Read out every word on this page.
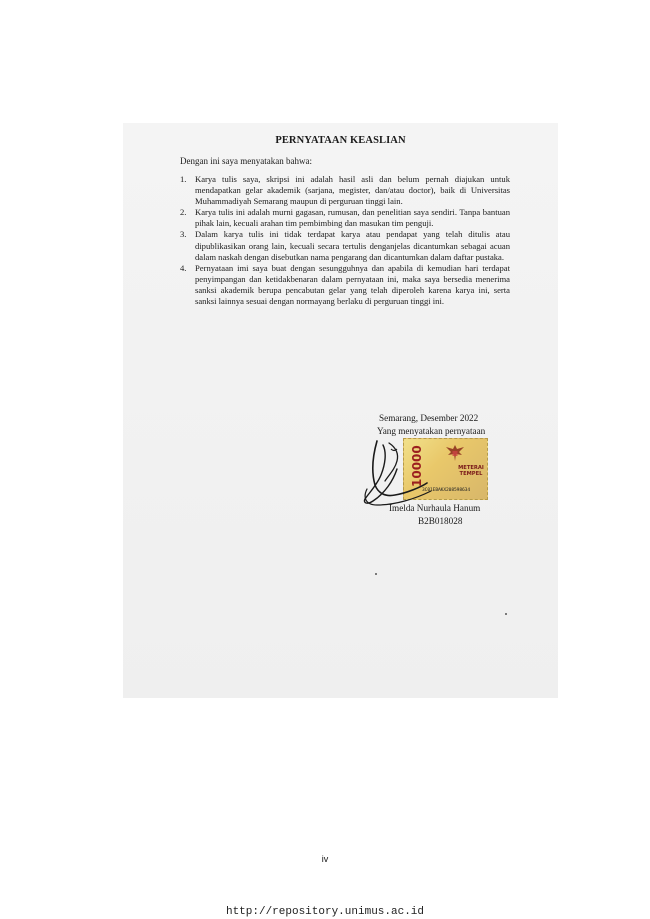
PERNYATAAN KEASLIAN
Dengan ini saya menyatakan bahwa:
1. Karya tulis saya, skripsi ini adalah hasil asli dan belum pernah diajukan untuk mendapatkan gelar akademik (sarjana, megister, dan/atau doctor), baik di Universitas Muhammadiyah Semarang maupun di perguruan tinggi lain.
2. Karya tulis ini adalah murni gagasan, rumusan, dan penelitian saya sendiri. Tanpa bantuan pihak lain, kecuali arahan tim pembimbing dan masukan tim penguji.
3. Dalam karya tulis ini tidak terdapat karya atau pendapat yang telah ditulis atau dipublikasikan orang lain, kecuali secara tertulis denganjelas dicantumkan sebagai acuan dalam naskah dengan disebutkan nama pengarang dan dicantumkan dalam daftar pustaka.
4. Pernyataan imi saya buat dengan sesungguhnya dan apabila di kemudian hari terdapat penyimpangan dan ketidakbenaran dalam pernyataan ini, maka saya bersedia menerima sanksi akademik berupa pencabutan gelar yang telah diperoleh karena karya ini, serta sanksi lainnya sesuai dengan normayang berlaku di perguruan tinggi ini.
Semarang, Desember 2022
Yang menyatakan pernyataan
10000	METERAI TEMPEL
3C01EBAKX208598634
Imelda Nurhaula Hanum
B2B018028
iv
http://repository.unimus.ac.id
